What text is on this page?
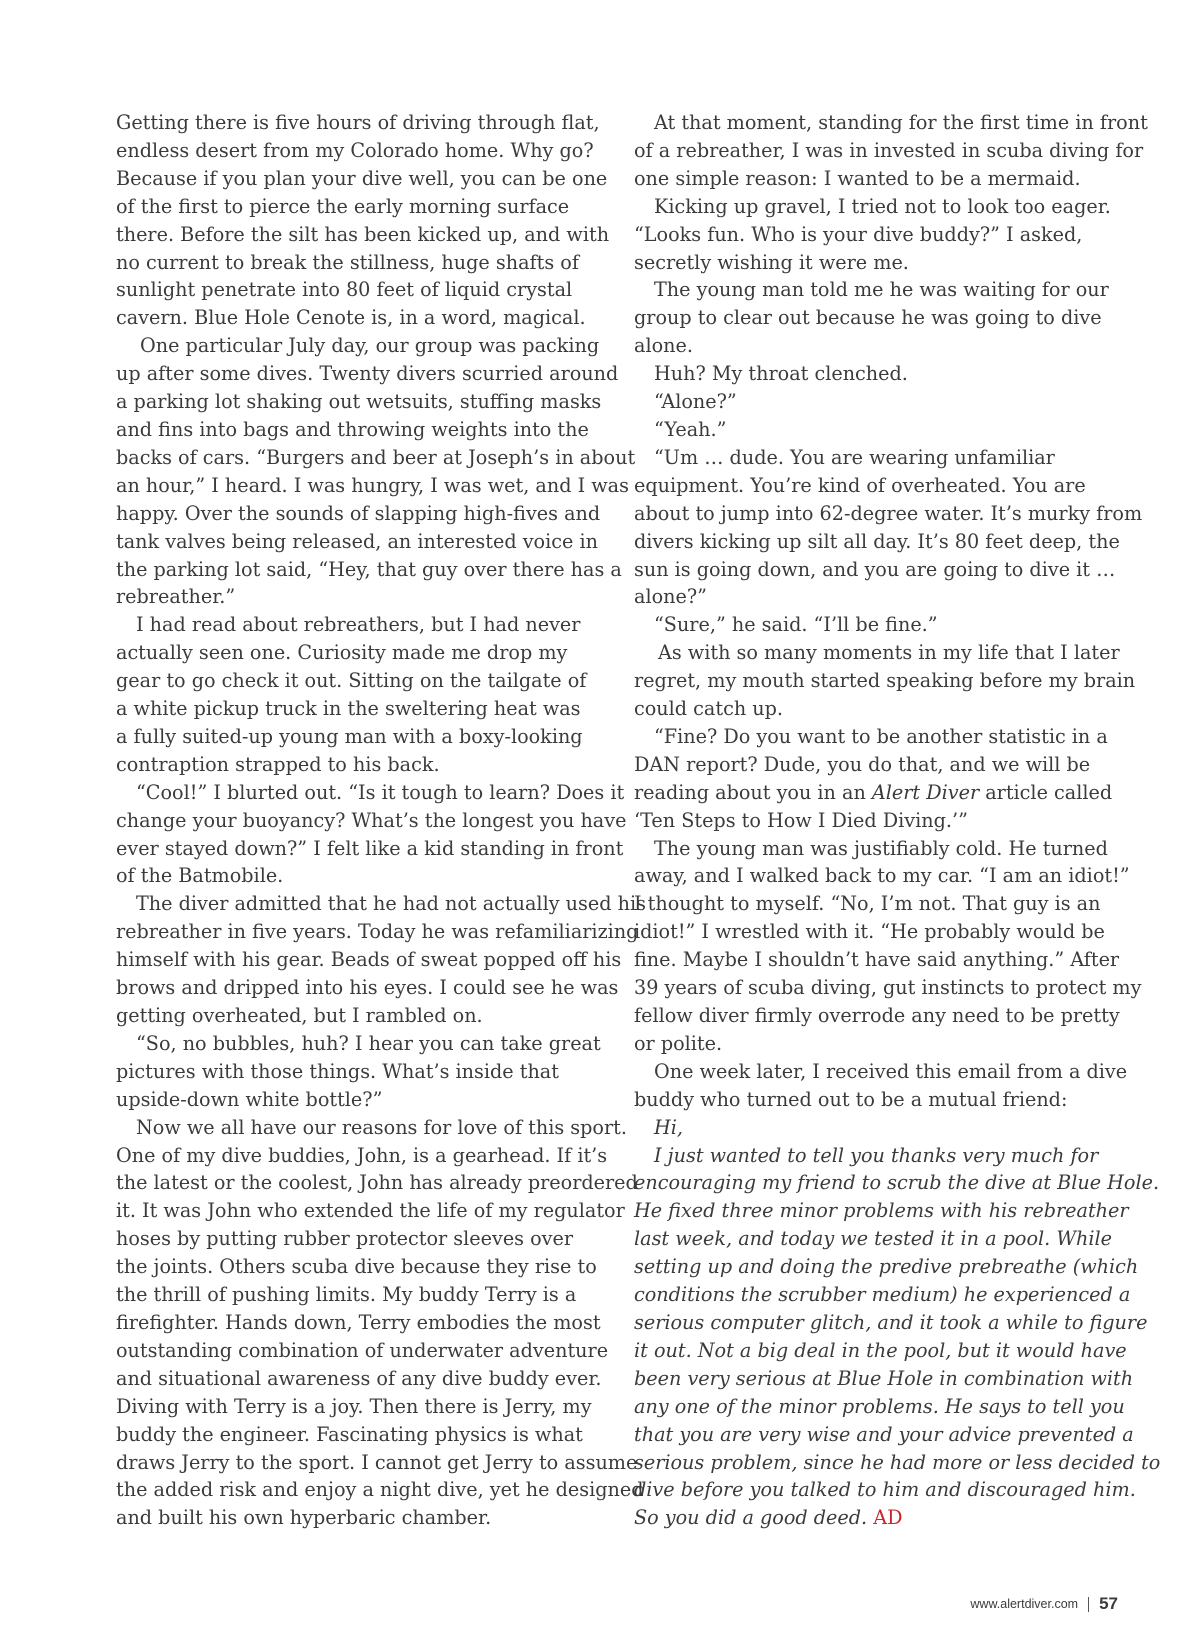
Getting there is five hours of driving through flat,

endless desert from my Colorado home. Why go?

Because if you plan your dive well, you can be one

of the first to pierce the early morning surface

there. Before the silt has been kicked up, and with

no current to break the stillness, huge shafts of

sunlight penetrate into 80 feet of liquid crystal

cavern. Blue Hole Cenote is, in a word, magical.

One particular July day, our group was packing

up after some dives. Twenty divers scurried around

a parking lot shaking out wetsuits, stuffing masks

and fins into bags and throwing weights into the

backs of cars. “Burgers and beer at Joseph’s in about

an hour,” I heard. I was hungry, I was wet, and I was

happy. Over the sounds of slapping high-fives and

tank valves being released, an interested voice in

the parking lot said, “Hey, that guy over there has a

rebreather.”

I had read about rebreathers, but I had never

actually seen one. Curiosity made me drop my

gear to go check it out. Sitting on the tailgate of

a white pickup truck in the sweltering heat was

a fully suited-up young man with a boxy-looking

contraption strapped to his back.

“Cool!” I blurted out. “Is it tough to learn? Does it

change your buoyancy? What’s the longest you have

ever stayed down?” I felt like a kid standing in front

of the Batmobile.

The diver admitted that he had not actually used his

rebreather in five years. Today he was refamiliarizing

himself with his gear. Beads of sweat popped off his

brows and dripped into his eyes. I could see he was

getting overheated, but I rambled on.

“So, no bubbles, huh? I hear you can take great

pictures with those things. What’s inside that

upside-down white bottle?”

Now we all have our reasons for love of this sport.

One of my dive buddies, John, is a gearhead. If it’s

the latest or the coolest, John has already preordered

it. It was John who extended the life of my regulator

hoses by putting rubber protector sleeves over

the joints. Others scuba dive because they rise to

the thrill of pushing limits. My buddy Terry is a

firefighter. Hands down, Terry embodies the most

outstanding combination of underwater adventure

and situational awareness of any dive buddy ever.

Diving with Terry is a joy. Then there is Jerry, my

buddy the engineer. Fascinating physics is what

draws Jerry to the sport. I cannot get Jerry to assume

the added risk and enjoy a night dive, yet he designed

and built his own hyperbaric chamber.

At that moment, standing for the first time in front

of a rebreather, I was in invested in scuba diving for

one simple reason: I wanted to be a mermaid.

Kicking up gravel, I tried not to look too eager.

“Looks fun. Who is your dive buddy?” I asked,

secretly wishing it were me.

The young man told me he was waiting for our

group to clear out because he was going to dive

alone.

Huh? My throat clenched.

“Alone?”

“Yeah.”

“Um … dude. You are wearing unfamiliar

equipment. You’re kind of overheated. You are

about to jump into 62-degree water. It’s murky from

divers kicking up silt all day. It’s 80 feet deep, the

sun is going down, and you are going to dive it …

alone?”

“Sure,” he said. “I’ll be fine.”

As with so many moments in my life that I later

regret, my mouth started speaking before my brain

could catch up.

“Fine? Do you want to be another statistic in a

DAN report? Dude, you do that, and we will be

reading about you in an Alert Diver article called

‘Ten Steps to How I Died Diving.’”

The young man was justifiably cold. He turned

away, and I walked back to my car. “I am an idiot!”

I thought to myself. “No, I’m not. That guy is an

idiot!” I wrestled with it. “He probably would be

fine. Maybe I shouldn’t have said anything.” After

39 years of scuba diving, gut instincts to protect my

fellow diver firmly overrode any need to be pretty

or polite.

One week later, I received this email from a dive

buddy who turned out to be a mutual friend:

Hi,

I just wanted to tell you thanks very much for

encouraging my friend to scrub the dive at Blue Hole.

He fixed three minor problems with his rebreather

last week, and today we tested it in a pool. While

setting up and doing the predive prebreathe (which

conditions the scrubber medium) he experienced a

serious computer glitch, and it took a while to figure

it out. Not a big deal in the pool, but it would have

been very serious at Blue Hole in combination with

any one of the minor problems. He says to tell you

that you are very wise and your advice prevented a

serious problem, since he had more or less decided to

dive before you talked to him and discouraged him.

So you did a good deed. AD

www.alertdiver.com 57
